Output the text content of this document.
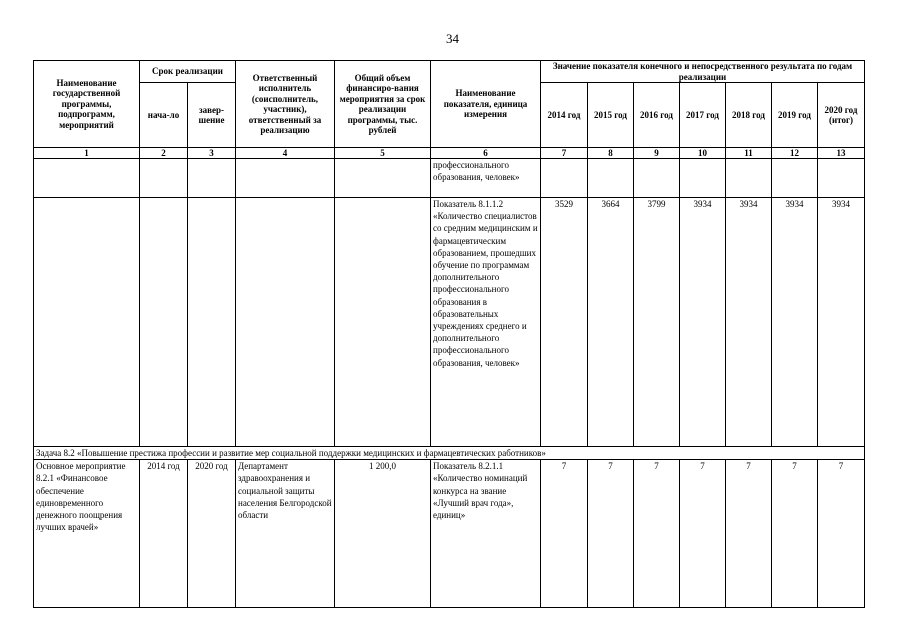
34
Наименование государственной программы, подпрограмм, мероприятий	Срок реализации		Ответственный исполнитель (соисполнитель, участник), ответственный за реализацию	Общий объем финансиро-вания мероприятия за срок реализации программы, тыс. рублей	Наименование показателя, единица измерения	Значение показателя конечного и непосредственного результата по годам реализации						
	нача-ло	завер-шение				2014 год	2015 год	2016 год	2017 год	2018 год	2019 год	2020 год (итог)
1	2	3	4	5	6	7	8	9	10	11	12	13
					профессионального образования, человек»							
					Показатель 8.1.1.2 «Количество специалистов со средним медицинским и фармацевтическим образованием, прошедших обучение по программам дополнительного профессионального образования в образовательных учреждениях среднего и дополнительного профессионального образования, человек»	3529	3664	3799	3934	3934	3934	3934
Задача 8.2 «Повышение престижа профессии и развитие мер социальной поддержки медицинских и фармацевтических работников»												
Основное мероприятие 8.2.1 «Финансовое обеспечение единовременного денежного поощрения лучших врачей»	2014 год	2020 год	Департамент здравоохранения и социальной защиты населения Белгородской области	1 200,0	Показатель 8.2.1.1 «Количество номинаций конкурса на звание «Лучший врач года», единиц»	7	7	7	7	7	7	7
